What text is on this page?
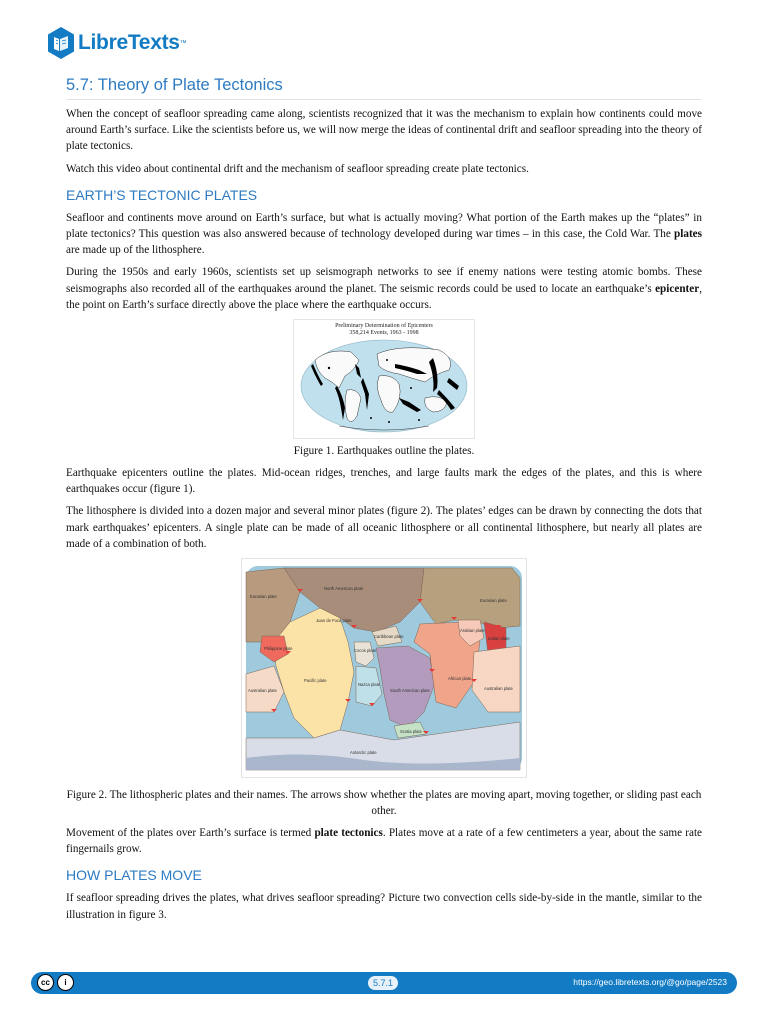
LibreTexts ™
5.7: Theory of Plate Tectonics

When the concept of seafloor spreading came along, scientists recognized that it was the mechanism to explain how continents could move around Earth’s surface. Like the scientists before us, we will now merge the ideas of continental drift and seafloor spreading into the theory of plate tectonics.

Watch this video about continental drift and the mechanism of seafloor spreading create plate tectonics.

EARTH’S TECTONIC PLATES

Seafloor and continents move around on Earth’s surface, but what is actually moving? What portion of the Earth makes up the “plates” in plate tectonics? This question was also answered because of technology developed during war times – in this case, the Cold War. The plates are made up of the lithosphere.

During the 1950s and early 1960s, scientists set up seismograph networks to see if enemy nations were testing atomic bombs. These seismographs also recorded all of the earthquakes around the planet. The seismic records could be used to locate an earthquake’s epicenter, the point on Earth’s surface directly above the place where the earthquake occurs.

Preliminary Determination of Epicenters
358,214 Events, 1963 - 1998
Figure 1. Earthquakes outline the plates.

Earthquake epicenters outline the plates. Mid-ocean ridges, trenches, and large faults mark the edges of the plates, and this is where earthquakes occur (figure 1).

The lithosphere is divided into a dozen major and several minor plates (figure 2). The plates’ edges can be drawn by connecting the dots that mark earthquakes’ epicenters. A single plate can be made of all oceanic lithosphere or all continental lithosphere, but nearly all plates are made of a combination of both.

Eurasian plate
North American plate
Eurasian plate
Juan de Fuca plate
Philippine plate
Caribbean plate
Cocos plate
Arabian plate
Indian plate
Pacific plate
Nazca plate
South American plate
African plate
Australian plate	Australian plate
Scotia plate
Antarctic plate
Figure 2. The lithospheric plates and their names. The arrows show whether the plates are moving apart, moving together, or sliding past each other.

Movement of the plates over Earth’s surface is termed plate tectonics. Plates move at a rate of a few centimeters a year, about the same rate fingernails grow.

HOW PLATES MOVE

If seafloor spreading drives the plates, what drives seafloor spreading? Picture two convection cells side-by-side in the mantle, similar to the illustration in figure 3.

cc	i	5.7.1	https://geo.libretexts.org/@go/page/2523
